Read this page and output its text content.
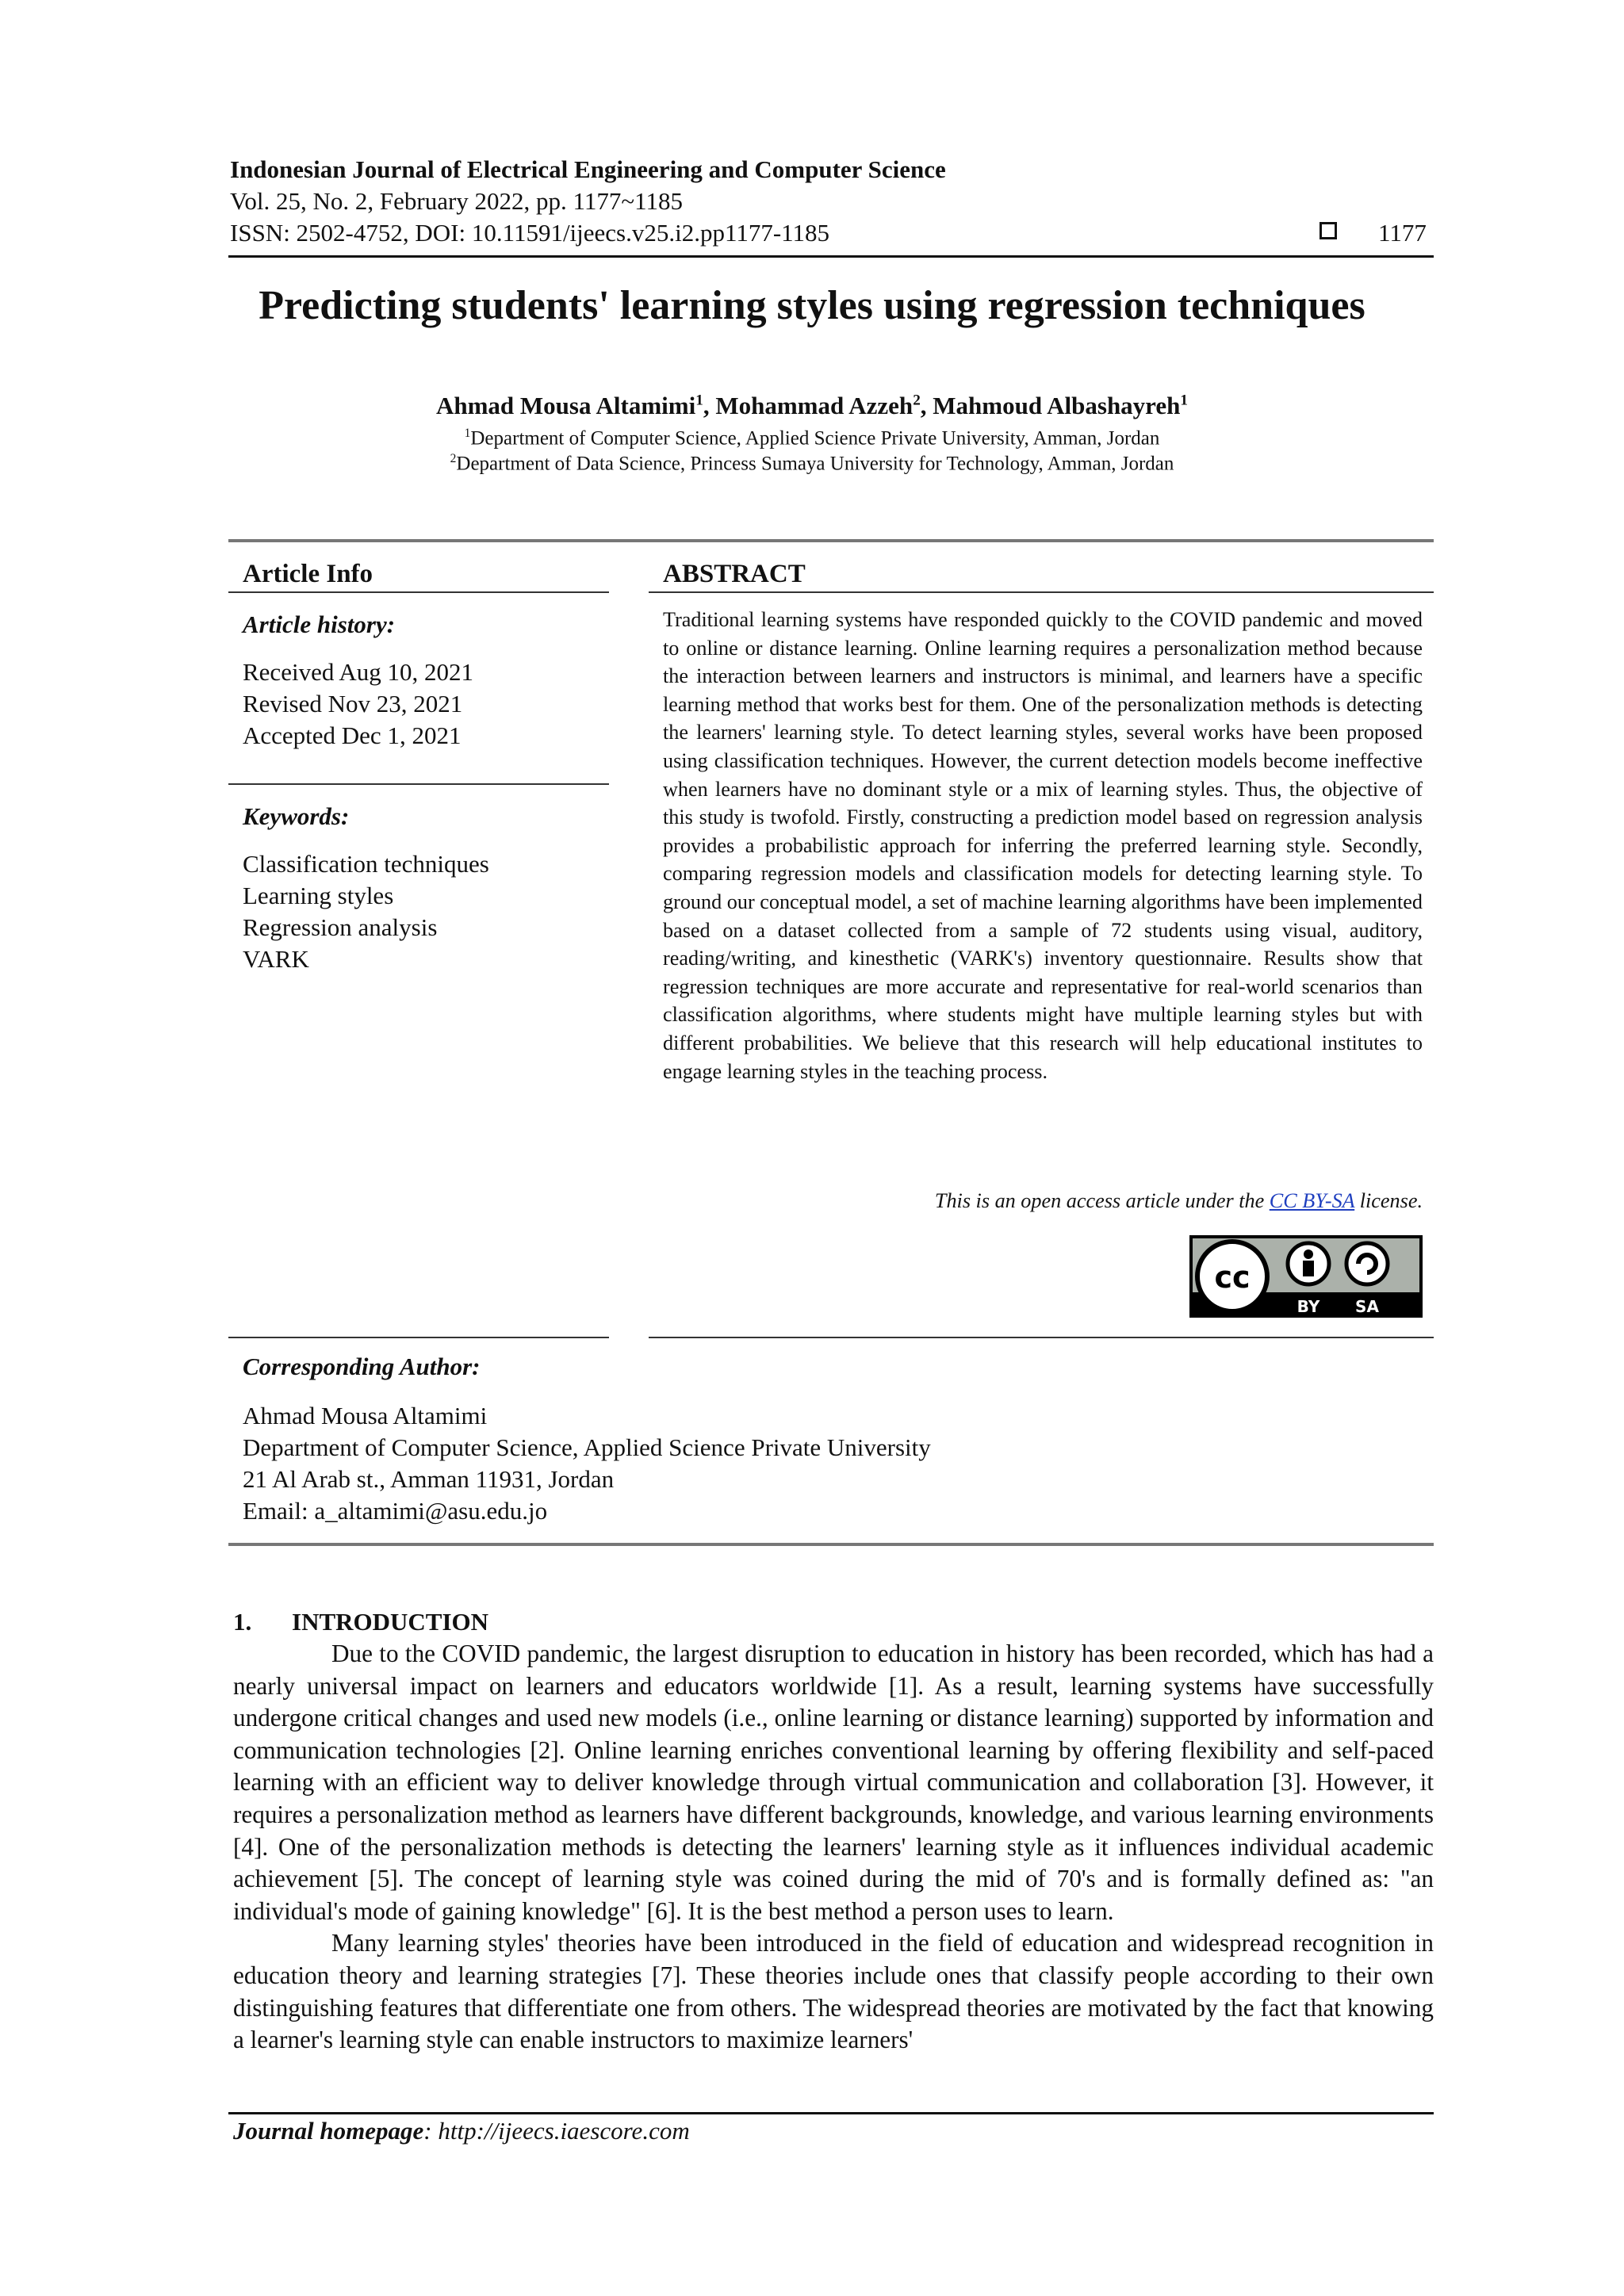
Indonesian Journal of Electrical Engineering and Computer Science
Vol. 25, No. 2, February 2022, pp. 1177~1185
ISSN: 2502-4752, DOI: 10.11591/ijeecs.v25.i2.pp1177-1185	1177
Predicting students' learning styles using regression techniques
Ahmad Mousa Altamimi$^1$, Mohammad Azzeh$^2$, Mahmoud Albashayreh$^1$
$^1$Department of Computer Science, Applied Science Private University, Amman, Jordan
$^2$Department of Data Science, Princess Sumaya University for Technology, Amman, Jordan
Article Info
Article history:
Received Aug 10, 2021
Revised Nov 23, 2021
Accepted Dec 1, 2021
Keywords:
Classification techniques
Learning styles
Regression analysis
VARK
ABSTRACT

Traditional learning systems have responded quickly to the COVID pandemic and moved to online or distance learning. Online learning requires a personalization method because the interaction between learners and instructors is minimal, and learners have a specific learning method that works best for them. One of the personalization methods is detecting the learners' learning style. To detect learning styles, several works have been proposed using classification techniques. However, the current detection models become ineffective when learners have no dominant style or a mix of learning styles. Thus, the objective of this study is twofold. Firstly, constructing a prediction model based on regression analysis provides a probabilistic approach for inferring the preferred learning style. Secondly, comparing regression models and classification models for detecting learning style. To ground our conceptual model, a set of machine learning algorithms have been implemented based on a dataset collected from a sample of 72 students using visual, auditory, reading/writing, and kinesthetic (VARK's) inventory questionnaire. Results show that regression techniques are more accurate and representative for real-world scenarios than classification algorithms, where students might have multiple learning styles but with different probabilities. We believe that this research will help educational institutes to engage learning styles in the teaching process.

This is an open access article under the CC BY-SA license.
cc
BY SA
Corresponding Author:
Ahmad Mousa Altamimi
Department of Computer Science, Applied Science Private University
21 Al Arab st., Amman 11931, Jordan
Email: a_altamimi@asu.edu.jo
1. INTRODUCTION

Due to the COVID pandemic, the largest disruption to education in history has been recorded, which has had a nearly universal impact on learners and educators worldwide [1]. As a result, learning systems have successfully undergone critical changes and used new models (i.e., online learning or distance learning) supported by information and communication technologies [2]. Online learning enriches conventional learning by offering flexibility and self-paced learning with an efficient way to deliver knowledge through virtual communication and collaboration [3]. However, it requires a personalization method as learners have different backgrounds, knowledge, and various learning environments [4]. One of the personalization methods is detecting the learners' learning style as it influences individual academic achievement [5]. The concept of learning style was coined during the mid of 70's and is formally defined as: "an individual's mode of gaining knowledge" [6]. It is the best method a person uses to learn.

Many learning styles' theories have been introduced in the field of education and widespread recognition in education theory and learning strategies [7]. These theories include ones that classify people according to their own distinguishing features that differentiate one from others. The widespread theories are motivated by the fact that knowing a learner's learning style can enable instructors to maximize learners'

Journal homepage: http://ijeecs.iaescore.com
